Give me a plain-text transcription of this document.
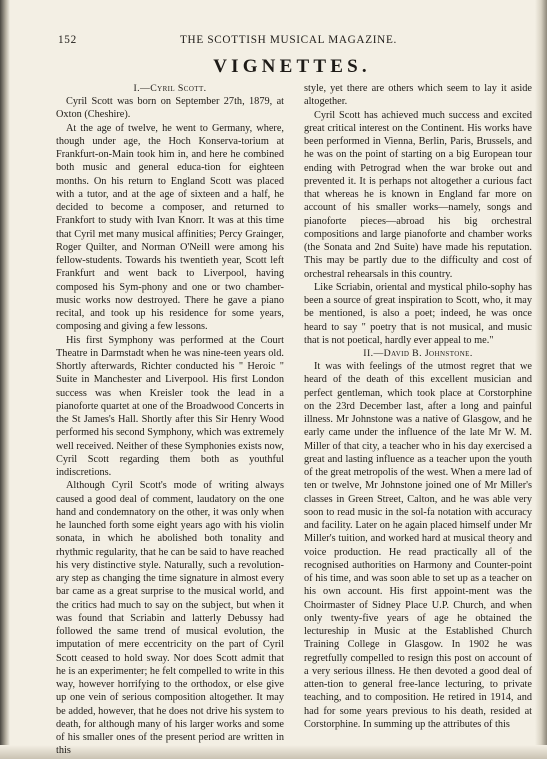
152	THE SCOTTISH MUSICAL MAGAZINE.
VIGNETTES.

I.—Cyril Scott.

Cyril Scott was born on September 27th, 1879, at Oxton (Cheshire).

At the age of twelve, he went to Germany, where, though under age, the Hoch Konserva-torium at Frankfurt-on-Main took him in, and here he combined both music and general educa-tion for eighteen months. On his return to England Scott was placed with a tutor, and at the age of sixteen and a half, he decided to become a composer, and returned to Frankfort to study with Ivan Knorr. It was at this time that Cyril met many musical affinities; Percy Grainger, Roger Quilter, and Norman O'Neill were among his fellow-students. Towards his twentieth year, Scott left Frankfurt and went back to Liverpool, having composed his Sym-phony and one or two chamber-music works now destroyed. There he gave a piano recital, and took up his residence for some years, composing and giving a few lessons.

His first Symphony was performed at the Court Theatre in Darmstadt when he was nine-teen years old. Shortly afterwards, Richter conducted his " Heroic " Suite in Manchester and Liverpool. His first London success was when Kreisler took the lead in a pianoforte quartet at one of the Broadwood Concerts in the St James's Hall. Shortly after this Sir Henry Wood performed his second Symphony, which was extremely well received. Neither of these Symphonies exists now, Cyril Scott regarding them both as youthful indiscretions.

Although Cyril Scott's mode of writing always caused a good deal of comment, laudatory on the one hand and condemnatory on the other, it was only when he launched forth some eight years ago with his violin sonata, in which he abolished both tonality and rhythmic regularity, that he can be said to have reached his very distinctive style. Naturally, such a revolution-ary step as changing the time signature in almost every bar came as a great surprise to the musical world, and the critics had much to say on the subject, but when it was found that Scriabin and latterly Debussy had followed the same trend of musical evolution, the imputation of mere eccentricity on the part of Cyril Scott ceased to hold sway. Nor does Scott admit that he is an experimenter; he felt compelled to write in this way, however horrifying to the orthodox, or else give up one vein of serious composition altogether. It may be added, however, that he does not drive his system to death, for although many of his larger works and some of his smaller ones of the present period are written in this

style, yet there are others which seem to lay it aside altogether.

Cyril Scott has achieved much success and excited great critical interest on the Continent. His works have been performed in Vienna, Berlin, Paris, Brussels, and he was on the point of starting on a big European tour ending with Petrograd when the war broke out and prevented it. It is perhaps not altogether a curious fact that whereas he is known in England far more on account of his smaller works—namely, songs and pianoforte pieces—abroad his big orchestral compositions and large pianoforte and chamber works (the Sonata and 2nd Suite) have made his reputation. This may be partly due to the difficulty and cost of orchestral rehearsals in this country.

Like Scriabin, oriental and mystical philo-sophy has been a source of great inspiration to Scott, who, it may be mentioned, is also a poet; indeed, he was once heard to say " poetry that is not musical, and music that is not poetical, hardly ever appeal to me."

II.—David B. Johnstone.

It was with feelings of the utmost regret that we heard of the death of this excellent musician and perfect gentleman, which took place at Corstorphine on the 23rd December last, after a long and painful illness. Mr Johnstone was a native of Glasgow, and he early came under the influence of the late Mr W. M. Miller of that city, a teacher who in his day exercised a great and lasting influence as a teacher upon the youth of the great metropolis of the west. When a mere lad of ten or twelve, Mr Johnstone joined one of Mr Miller's classes in Green Street, Calton, and he was able very soon to read music in the sol-fa notation with accuracy and facility. Later on he again placed himself under Mr Miller's tuition, and worked hard at musical theory and voice production. He read practically all of the recognised authorities on Harmony and Counter-point of his time, and was soon able to set up as a teacher on his own account. His first appoint-ment was the Choirmaster of Sidney Place U.P. Church, and when only twenty-five years of age he obtained the lectureship in Music at the Established Church Training College in Glasgow. In 1902 he was regretfully compelled to resign this post on account of a very serious illness. He then devoted a good deal of atten-tion to general free-lance lecturing, to private teaching, and to composition. He retired in 1914, and had for some years previous to his death, resided at Corstorphine. In summing up the attributes of this
